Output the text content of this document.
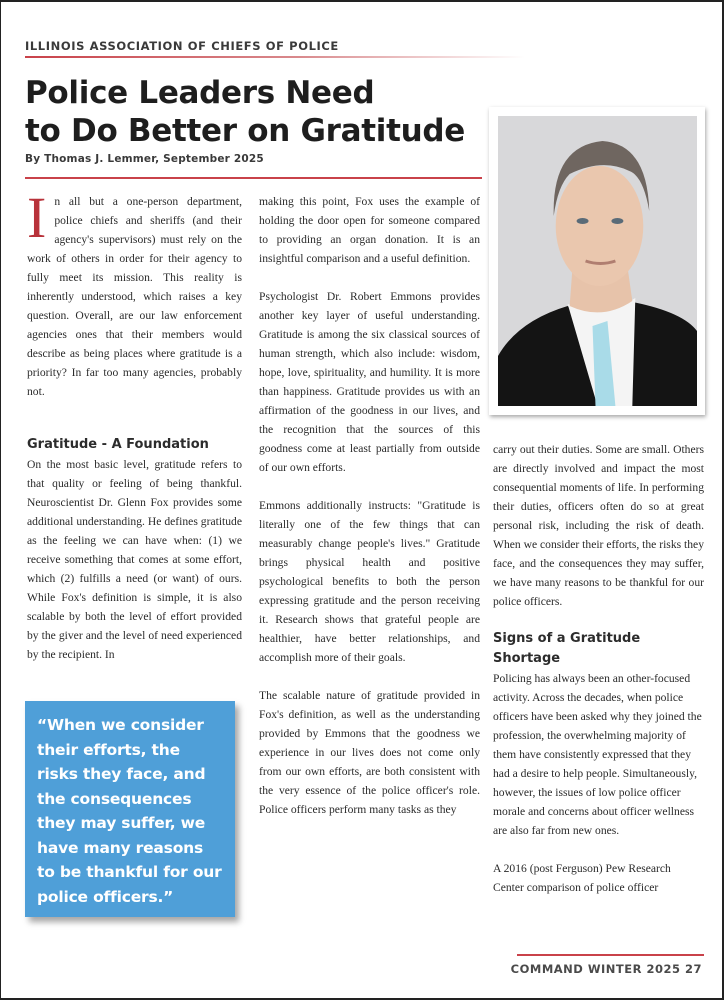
ILLINOIS ASSOCIATION OF CHIEFS OF POLICE
Police Leaders Need
to Do Better on Gratitude
By Thomas J. Lemmer, September 2025

In all but a one-person department, police chiefs and sheriffs (and their agency's supervisors) must rely on the work of others in order for their agency to fully meet its mission. This reality is inherently understood, which raises a key question. Overall, are our law enforcement agencies ones that their members would describe as being places where gratitude is a priority? In far too many agencies, probably not.

Gratitude - A Foundation

On the most basic level, gratitude refers to that quality or feeling of being thankful. Neuroscientist Dr. Glenn Fox provides some additional understanding. He defines gratitude as the feeling we can have when: (1) we receive something that comes at some effort, which (2) fulfills a need (or want) of ours. While Fox's definition is simple, it is also scalable by both the level of effort provided by the giver and the level of need experienced by the recipient. In

“When we consider their efforts, the risks they face, and the consequences they may suffer, we have many reasons to be thankful for our police officers.”

making this point, Fox uses the example of holding the door open for someone compared to providing an organ donation. It is an insightful comparison and a useful definition.

Psychologist Dr. Robert Emmons provides another key layer of useful understanding. Gratitude is among the six classical sources of human strength, which also include: wisdom, hope, love, spirituality, and humility. It is more than happiness. Gratitude provides us with an affirmation of the goodness in our lives, and the recognition that the sources of this goodness come at least partially from outside of our own efforts.

Emmons additionally instructs: "Gratitude is literally one of the few things that can measurably change people's lives." Gratitude brings physical health and positive psychological benefits to both the person expressing gratitude and the person receiving it. Research shows that grateful people are healthier, have better relationships, and accomplish more of their goals.

The scalable nature of gratitude provided in Fox's definition, as well as the understanding provided by Emmons that the goodness we experience in our lives does not come only from our own efforts, are both consistent with the very essence of the police officer's role. Police officers perform many tasks as they

carry out their duties. Some are small. Others are directly involved and impact the most consequential moments of life. In performing their duties, officers often do so at great personal risk, including the risk of death. When we consider their efforts, the risks they face, and the consequences they may suffer, we have many reasons to be thankful for our police officers.

Signs of a Gratitude Shortage

Policing has always been an other-focused activity. Across the decades, when police officers have been asked why they joined the profession, the overwhelming majority of them have consistently expressed that they had a desire to help people. Simultaneously, however, the issues of low police officer morale and concerns about officer wellness are also far from new ones.

A 2016 (post Ferguson) Pew Research Center comparison of police officer

COMMAND WINTER 2025 27
